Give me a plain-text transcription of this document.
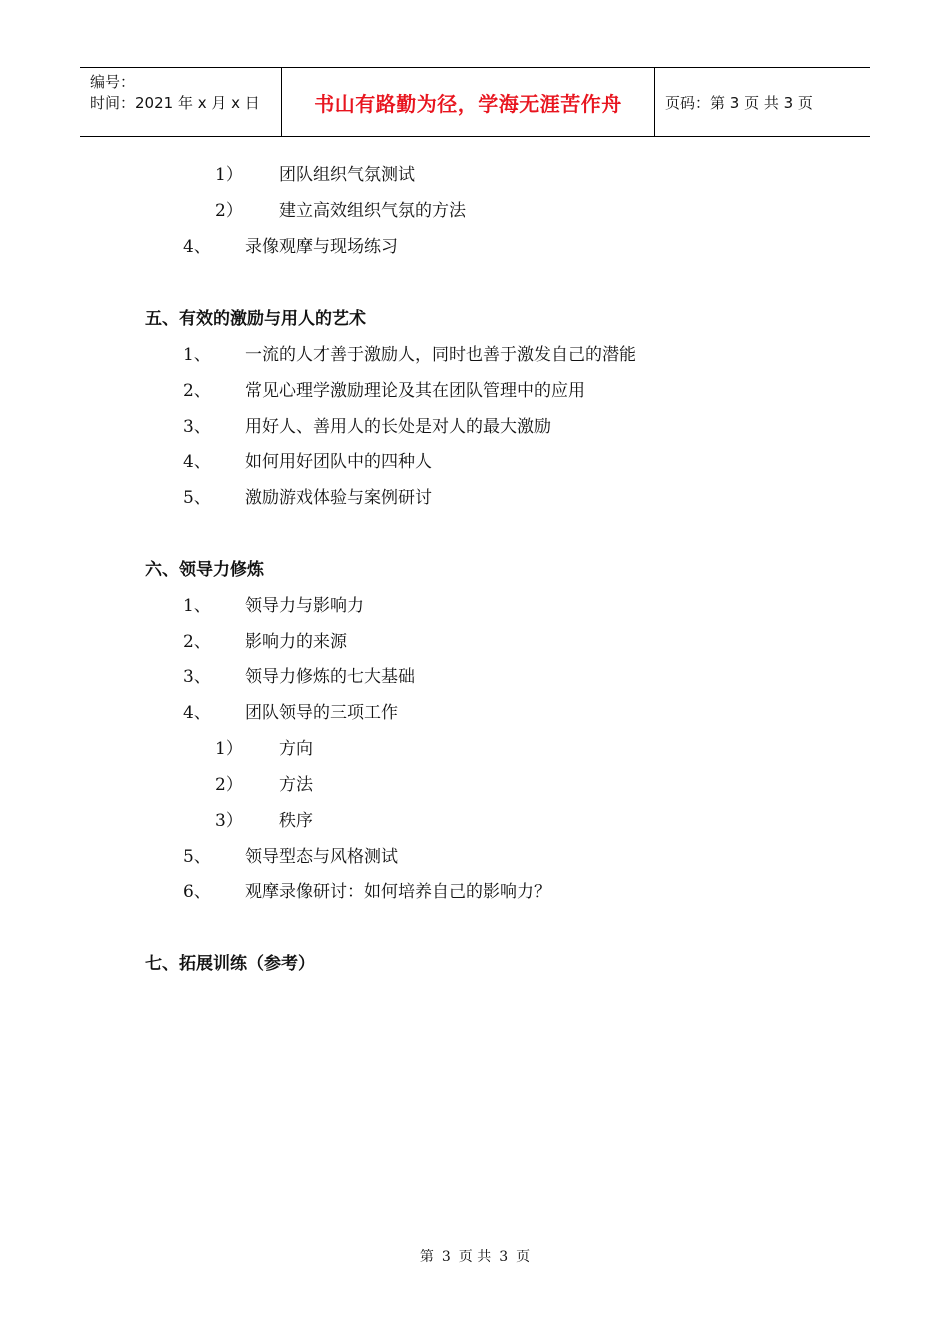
编号：
时间：2021 年 x 月 x 日	书山有路勤为径，学海无涯苦作舟	页码：第 3 页 共 3 页
1） 团队组织气氛测试
2） 建立高效组织气氛的方法
4、 录像观摩与现场练习
五、有效的激励与用人的艺术
1、 一流的人才善于激励人，同时也善于激发自己的潜能
2、 常见心理学激励理论及其在团队管理中的应用
3、 用好人、善用人的长处是对人的最大激励
4、 如何用好团队中的四种人
5、 激励游戏体验与案例研讨
六、领导力修炼
1、 领导力与影响力
2、 影响力的来源
3、 领导力修炼的七大基础
4、 团队领导的三项工作
1） 方向
2） 方法
3） 秩序
5、 领导型态与风格测试
6、 观摩录像研讨：如何培养自己的影响力？
七、拓展训练（参考）
第 3 页 共 3 页
